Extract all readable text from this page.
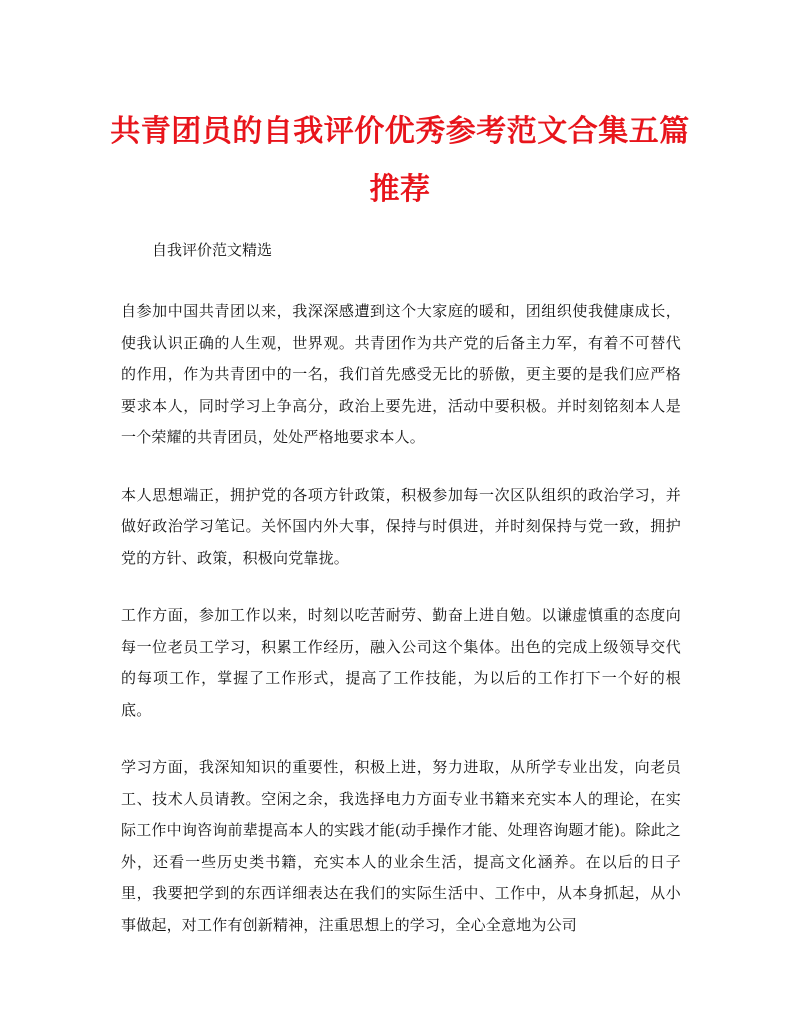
共青团员的自我评价优秀参考范文合集五篇推荐
自我评价范文精选

自参加中国共青团以来，我深深感遭到这个大家庭的暖和，团组织使我健康成长，使我认识正确的人生观，世界观。共青团作为共产党的后备主力军，有着不可替代的作用，作为共青团中的一名，我们首先感受无比的骄傲，更主要的是我们应严格要求本人，同时学习上争高分，政治上要先进，活动中要积极。并时刻铭刻本人是一个荣耀的共青团员，处处严格地要求本人。

本人思想端正，拥护党的各项方针政策，积极参加每一次区队组织的政治学习，并做好政治学习笔记。关怀国内外大事，保持与时俱进，并时刻保持与党一致，拥护党的方针、政策，积极向党靠拢。

工作方面，参加工作以来，时刻以吃苦耐劳、勤奋上进自勉。以谦虚慎重的态度向每一位老员工学习，积累工作经历，融入公司这个集体。出色的完成上级领导交代的每项工作，掌握了工作形式，提高了工作技能，为以后的工作打下一个好的根底。

学习方面，我深知知识的重要性，积极上进，努力进取，从所学专业出发，向老员工、技术人员请教。空闲之余，我选择电力方面专业书籍来充实本人的理论，在实际工作中询咨询前辈提高本人的实践才能(动手操作才能、处理咨询题才能)。除此之外，还看一些历史类书籍，充实本人的业余生活，提高文化涵养。在以后的日子里，我要把学到的东西详细表达在我们的实际生活中、工作中，从本身抓起，从小事做起，对工作有创新精神，注重思想上的学习，全心全意地为公司
